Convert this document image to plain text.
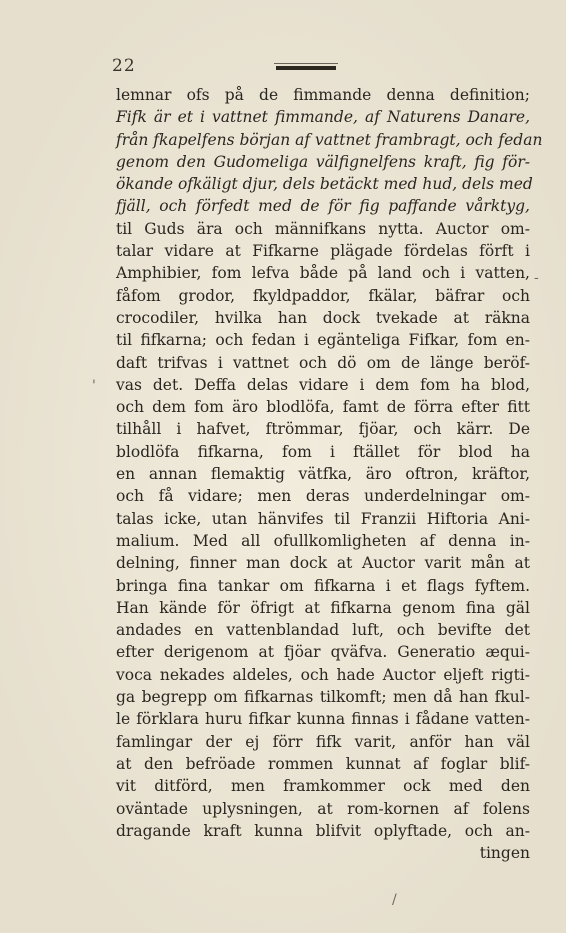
22
lemnar ofs på de fimmande denna definition;
Fifk är et i vattnet fimmande, af Naturens Danare,
från fkapelfens början af vattnet frambragt, och fedan
genom den Gudomeliga välfignelfens kraft, fig för-
ökande ofkäligt djur, dels betäckt med hud, dels med
fjäll, och förfedt med de för fig paffande vårktyg,
til Guds ära och männifkans nytta. Auctor om-
talar vidare at Fifkarne plägade fördelas förft i
Amphibier, fom lefva både på land och i vatten,
fåfom grodor, fkyldpaddor, fkälar, bäfrar och
crocodiler, hvilka han dock tvekade at räkna
til fifkarna; och fedan i egänteliga Fifkar, fom en-
daft trifvas i vattnet och dö om de länge beröf-
vas det. Deffa delas vidare i dem fom ha blod,
och dem fom äro blodlöfa, famt de förra efter fitt
tilhåll i hafvet, ftrömmar, fjöar, och kärr. De
blodlöfa fifkarna, fom i ftället för blod ha
en annan flemaktig vätfka, äro oftron, kräftor,
och få vidare; men deras underdelningar om-
talas icke, utan hänvifes til Franzii Hiftoria Ani-
malium. Med all ofullkomligheten af denna in-
delning, finner man dock at Auctor varit mån at
bringa fina tankar om fifkarna i et flags fyftem.
Han kände för öfrigt at fifkarna genom fina gäl
andades en vattenblandad luft, och bevifte det
efter derigenom at fjöar qväfva. Generatio æqui-
voca nekades aldeles, och hade Auctor eljeft rigti-
ga begrepp om fifkarnas tilkomft; men då han fkul-
le förklara huru fifkar kunna finnas i fådane vatten-
famlingar der ej förr fifk varit, anför han väl
at den befröade rommen kunnat af foglar blif-
vit ditförd, men framkommer ock med den
oväntade uplysningen, at rom-kornen af folens
dragande kraft kunna blifvit oplyftade, och an-
tingen
'
-
/
